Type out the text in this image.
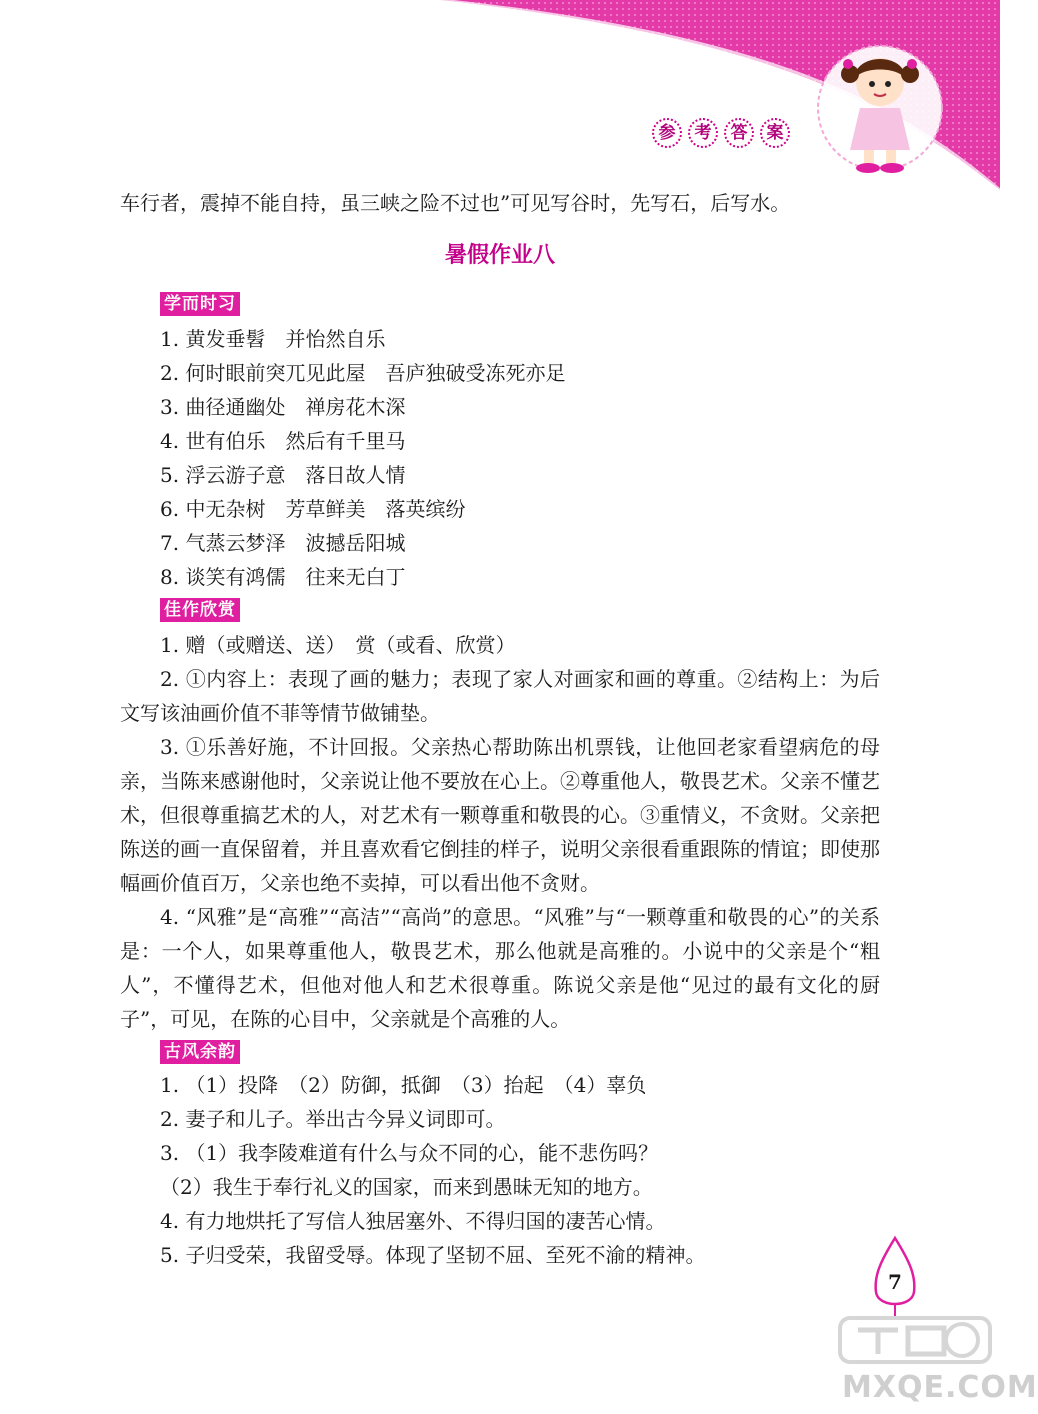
参	考	答	案
车行者，震掉不能自持，虽三峡之险不过也”可见写谷时，先写石，后写水。
暑假作业八
学而时习
1. 黄发垂髫　并怡然自乐
2. 何时眼前突兀见此屋　吾庐独破受冻死亦足
3. 曲径通幽处　禅房花木深
4. 世有伯乐　然后有千里马
5. 浮云游子意　落日故人情
6. 中无杂树　芳草鲜美　落英缤纷
7. 气蒸云梦泽　波撼岳阳城
8. 谈笑有鸿儒　往来无白丁
佳作欣赏
1. 赠（或赠送、送）　赏（或看、欣赏）
2. ①内容上：表现了画的魅力；表现了家人对画家和画的尊重。②结构上：为后文写该油画价值不菲等情节做铺垫。
3. ①乐善好施，不计回报。父亲热心帮助陈出机票钱，让他回老家看望病危的母亲，当陈来感谢他时，父亲说让他不要放在心上。②尊重他人，敬畏艺术。父亲不懂艺术，但很尊重搞艺术的人，对艺术有一颗尊重和敬畏的心。③重情义，不贪财。父亲把陈送的画一直保留着，并且喜欢看它倒挂的样子，说明父亲很看重跟陈的情谊；即使那幅画价值百万，父亲也绝不卖掉，可以看出他不贪财。
4. “风雅”是“高雅”“高洁”“高尚”的意思。“风雅”与“一颗尊重和敬畏的心”的关系是：一个人，如果尊重他人，敬畏艺术，那么他就是高雅的。小说中的父亲是个“粗人”，不懂得艺术，但他对他人和艺术很尊重。陈说父亲是他“见过的最有文化的厨子”，可见，在陈的心目中，父亲就是个高雅的人。
古风余韵
1. （1）投降　（2）防御，抵御　（3）抬起　（4）辜负
2. 妻子和儿子。举出古今异义词即可。
3. （1）我李陵难道有什么与众不同的心，能不悲伤吗？
（2）我生于奉行礼义的国家，而来到愚昧无知的地方。
4. 有力地烘托了写信人独居塞外、不得归国的凄苦心情。
5. 子归受荣，我留受辱。体现了坚韧不屈、至死不渝的精神。
7
MXQE.COM
